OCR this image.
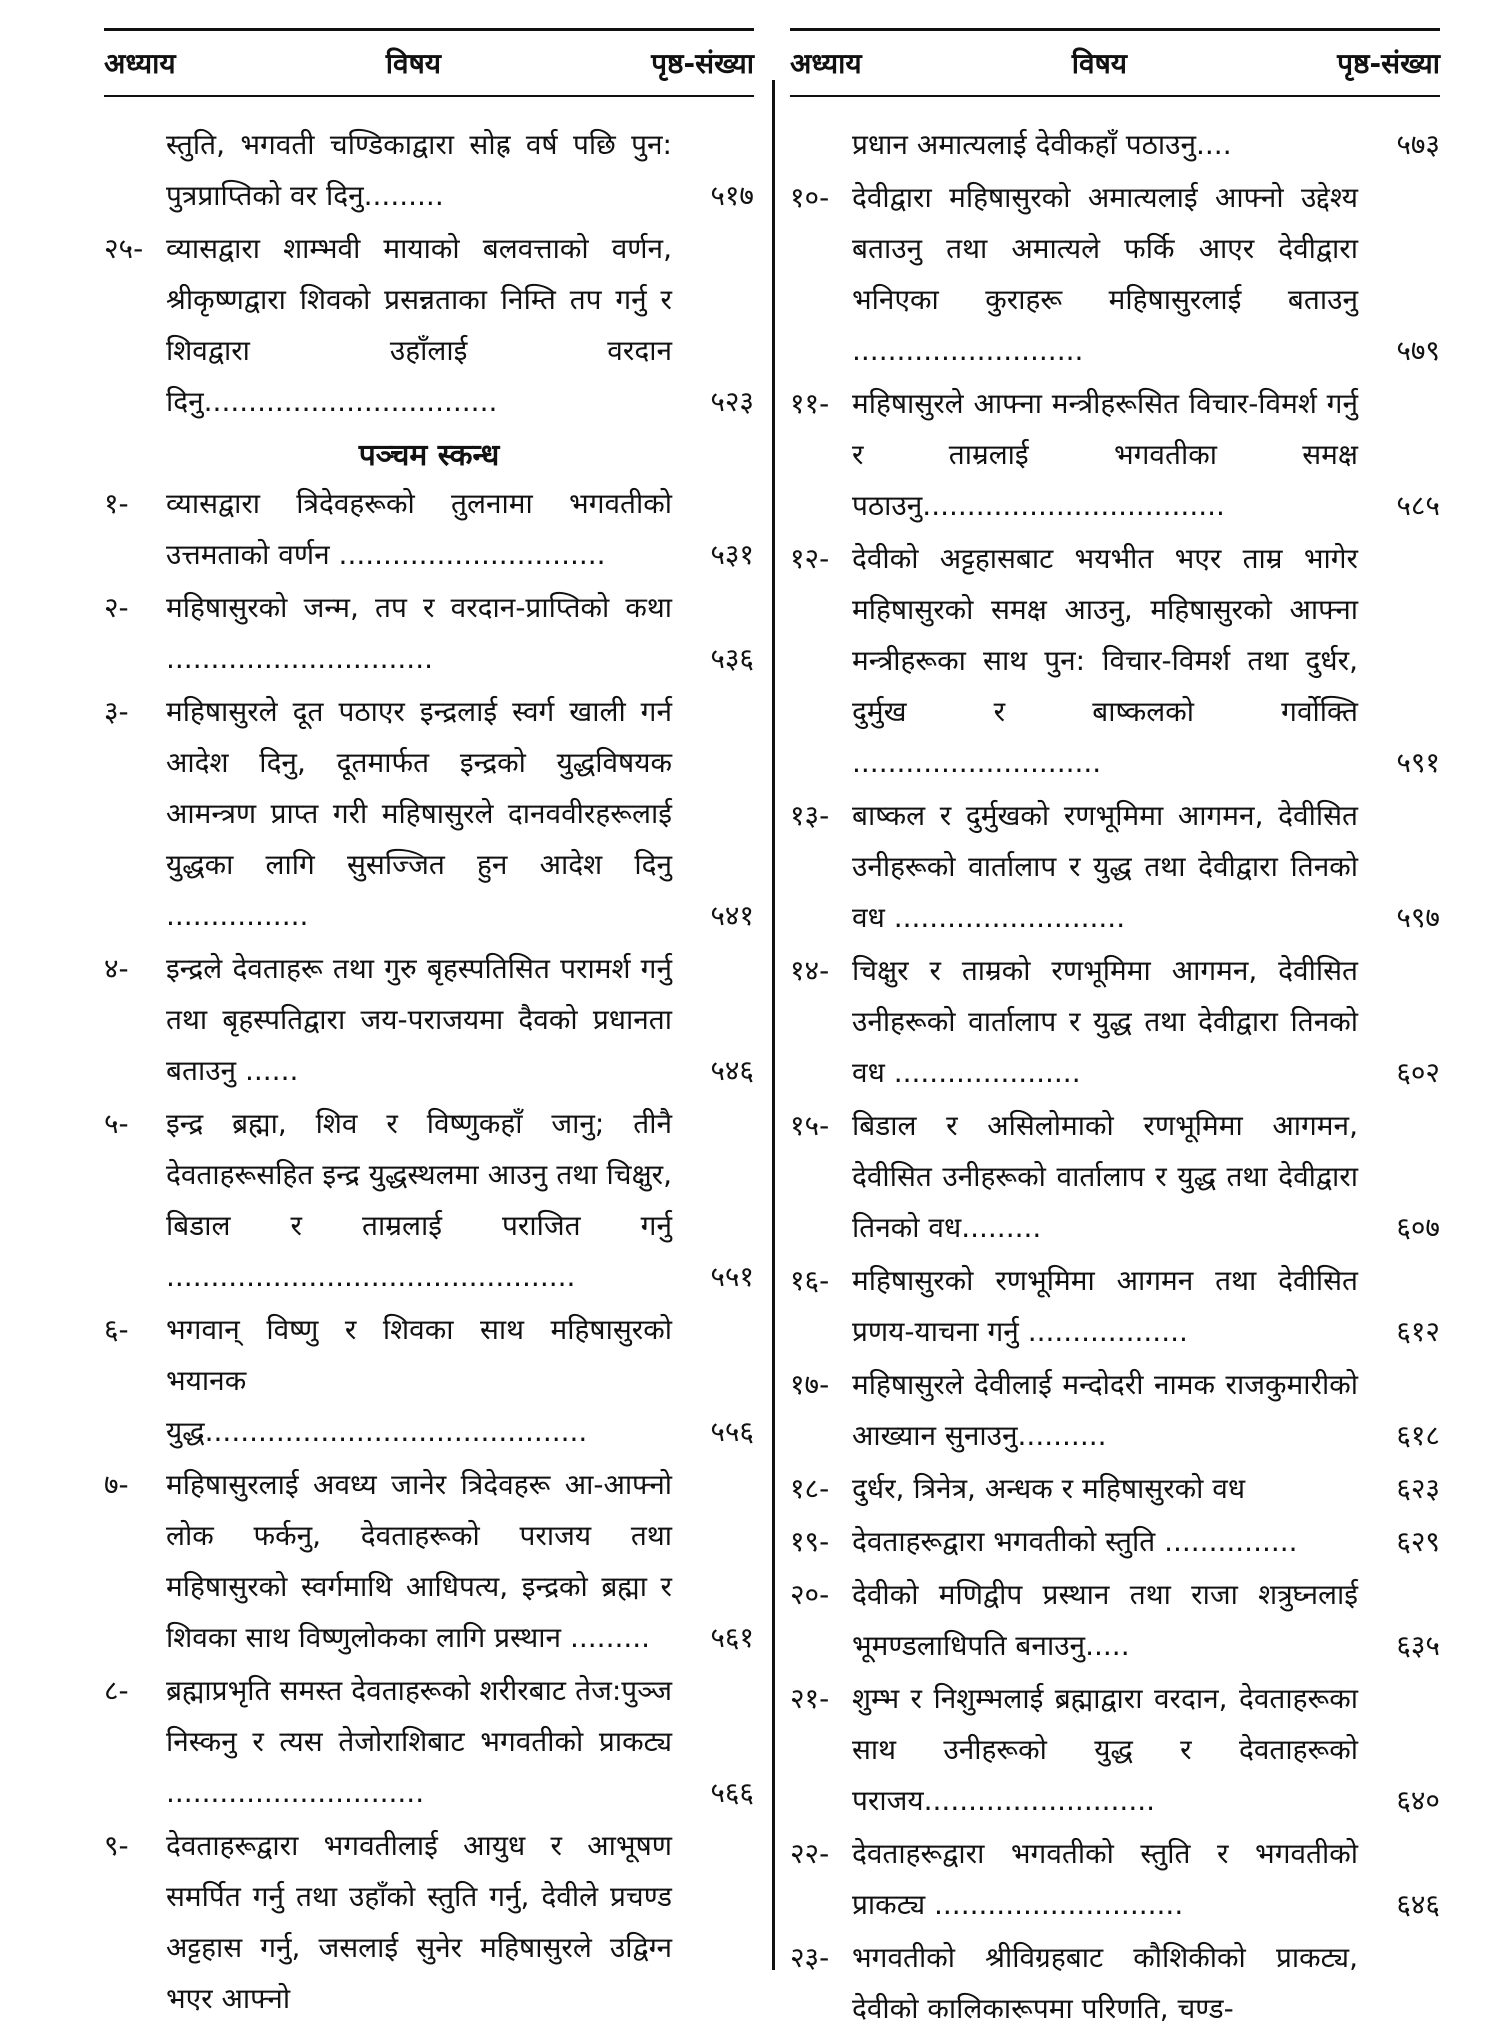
अध्याय	विषय	पृष्ठ-संख्या
स्तुति, भगवती चण्डिकाद्वारा सोह्र वर्ष पछि पुन: पुत्रप्राप्तिको वर दिनु.........	५१७
२५- व्यासद्वारा शाम्भवी मायाको बलवत्ताको वर्णन, श्रीकृष्णद्वारा शिवको प्रसन्नताका निम्ति तप गर्नु र शिवद्वारा उहाँलाई वरदान दिनु.................................	५२३
पञ्चम स्कन्ध
१-	व्यासद्वारा त्रिदेवहरूको तुलनामा भगवतीको उत्तमताको वर्णन ..............................	५३१
२-	महिषासुरको जन्म, तप र वरदान-प्राप्तिको कथा ..............................	५३६
३-	महिषासुरले दूत पठाएर इन्द्रलाई स्वर्ग खाली गर्न आदेश दिनु, दूतमार्फत इन्द्रको युद्धविषयक आमन्त्रण प्राप्त गरी महिषासुरले दानववीरहरूलाई युद्धका लागि सुसज्जित हुन आदेश दिनु ................	५४१
४-	इन्द्रले देवताहरू तथा गुरु बृहस्पतिसित परामर्श गर्नु तथा बृहस्पतिद्वारा जय-पराजयमा दैवको प्रधानता बताउनु ......	५४६
५-	इन्द्र ब्रह्मा, शिव र विष्णुकहाँ जानु; तीनै देवताहरूसहित इन्द्र युद्धस्थलमा आउनु तथा चिक्षुर, बिडाल र ताम्रलाई पराजित गर्नु ..............................................	५५१
६-	भगवान् विष्णु र शिवका साथ महिषासुरको भयानक युद्ध...........................................	५५६
७-	महिषासुरलाई अवध्य जानेर त्रिदेवहरू आ-आफ्नो लोक फर्कनु, देवताहरूको पराजय तथा महिषासुरको स्वर्गमाथि आधिपत्य, इन्द्रको ब्रह्मा र शिवका साथ विष्णुलोकका लागि प्रस्थान .........	५६१
८-	ब्रह्माप्रभृति समस्त देवताहरूको शरीरबाट तेज:पुञ्ज निस्कनु र त्यस तेजोराशिबाट भगवतीको प्राकट्य .............................	५६६
९-	देवताहरूद्वारा भगवतीलाई आयुध र आभूषण समर्पित गर्नु तथा उहाँको स्तुति गर्नु, देवीले प्रचण्ड अट्टहास गर्नु, जसलाई सुनेर महिषासुरले उद्विग्न भएर आफ्नो
अध्याय	विषय	पृष्ठ-संख्या
प्रधान अमात्यलाई देवीकहाँ पठाउनु....	५७३
१०- देवीद्वारा महिषासुरको अमात्यलाई आफ्नो उद्देश्य बताउनु तथा अमात्यले फर्कि आएर देवीद्वारा भनिएका कुराहरू महिषासुरलाई बताउनु ..........................	५७९
११- महिषासुरले आफ्ना मन्त्रीहरूसित विचार-विमर्श गर्नु र ताम्रलाई भगवतीका समक्ष पठाउनु..................................	५८५
१२- देवीको अट्टहासबाट भयभीत भएर ताम्र भागेर महिषासुरको समक्ष आउनु, महिषासुरको आफ्ना मन्त्रीहरूका साथ पुन: विचार-विमर्श तथा दुर्धर, दुर्मुख र बाष्कलको गर्वोक्ति ............................	५९१
१३- बाष्कल र दुर्मुखको रणभूमिमा आगमन, देवीसित उनीहरूको वार्तालाप र युद्ध तथा देवीद्वारा तिनको वध ..........................	५९७
१४- चिक्षुर र ताम्रको रणभूमिमा आगमन, देवीसित उनीहरूको वार्तालाप र युद्ध तथा देवीद्वारा तिनको वध .....................	६०२
१५- बिडाल र असिलोमाको रणभूमिमा आगमन, देवीसित उनीहरूको वार्तालाप र युद्ध तथा देवीद्वारा तिनको वध.........	६०७
१६- महिषासुरको रणभूमिमा आगमन तथा देवीसित प्रणय-याचना गर्नु ..................	६१२
१७- महिषासुरले देवीलाई मन्दोदरी नामक राजकुमारीको आख्यान सुनाउनु..........	६१८
१८- दुर्धर, त्रिनेत्र, अन्धक र महिषासुरको वध	६२३
१९- देवताहरूद्वारा भगवतीको स्तुति ...............	६२९
२०- देवीको मणिद्वीप प्रस्थान तथा राजा शत्रुघ्नलाई भूमण्डलाधिपति बनाउनु.....	६३५
२१- शुम्भ र निशुम्भलाई ब्रह्माद्वारा वरदान, देवताहरूका साथ उनीहरूको युद्ध र देवताहरूको पराजय..........................	६४०
२२- देवताहरूद्वारा भगवतीको स्तुति र भगवतीको प्राकट्य ............................	६४६
२३- भगवतीको श्रीविग्रहबाट कौशिकीको प्राकट्य, देवीको कालिकारूपमा परिणति, चण्ड-
